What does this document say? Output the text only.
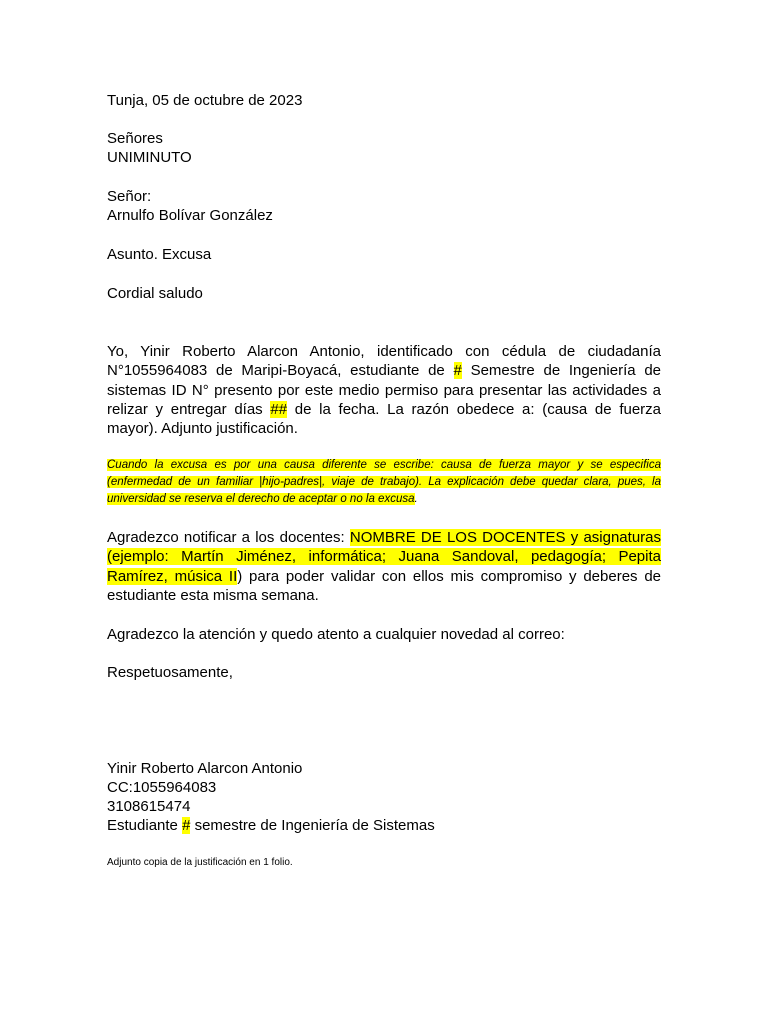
Tunja, 05 de octubre de 2023
Señores
UNIMINUTO
Señor:
Arnulfo Bolívar González
Asunto. Excusa
Cordial saludo
Yo, Yinir Roberto Alarcon Antonio, identificado con cédula de ciudadanía N°1055964083 de Maripi-Boyacá, estudiante de # Semestre de Ingeniería de sistemas ID N° presento por este medio permiso para presentar las actividades a relizar y entregar días ## de la fecha. La razón obedece a: (causa de fuerza mayor). Adjunto justificación.
Cuando la excusa es por una causa diferente se escribe: causa de fuerza mayor y se especifica (enfermedad de un familiar |hijo-padres|, viaje de trabajo). La explicación debe quedar clara, pues, la universidad se reserva el derecho de aceptar o no la excusa.
Agradezco notificar a los docentes: NOMBRE DE LOS DOCENTES y asignaturas (ejemplo: Martín Jiménez, informática; Juana Sandoval, pedagogía; Pepita Ramírez, música II) para poder validar con ellos mis compromiso y deberes de estudiante esta misma semana.
Agradezco la atención y quedo atento a cualquier novedad al correo:
Respetuosamente,
Yinir Roberto Alarcon Antonio
CC:1055964083
3108615474
Estudiante # semestre de Ingeniería de Sistemas
Adjunto copia de la justificación en 1 folio.
